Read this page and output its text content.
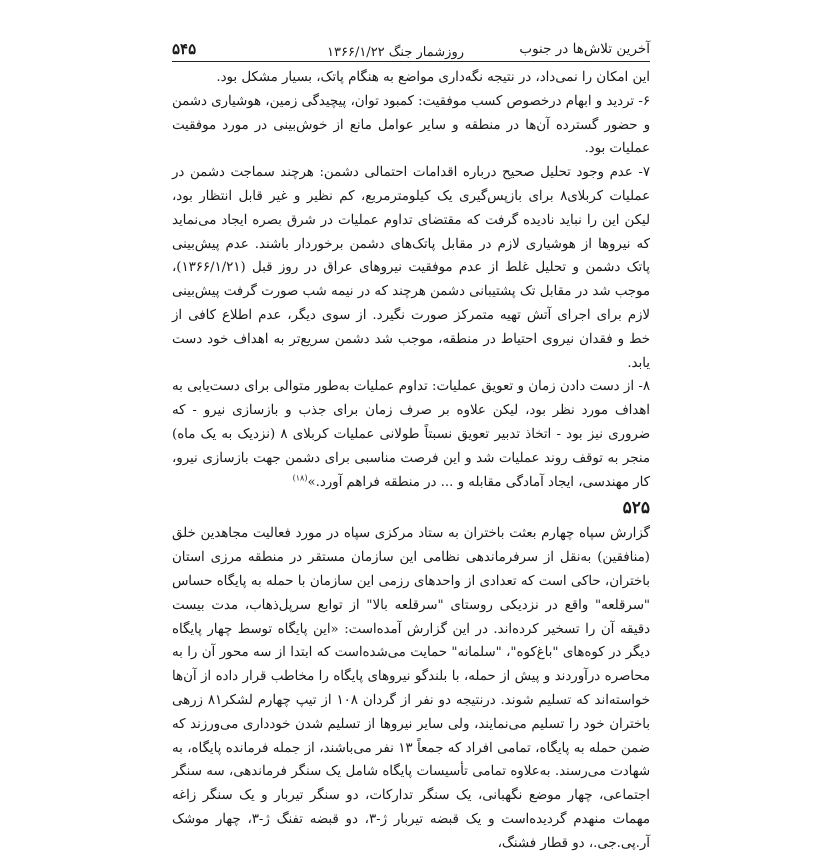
آخرین تلاش‌ها در جنوب
روزشمار جنگ ۱۳۶۶/۱/۲۲
۵۴۵

این امکان را نمی‌داد، در نتیجه نگه‌داری مواضع به هنگام پاتک، بسیار مشکل بود.

۶- تردید و ابهام درخصوص کسب موفقیت: کمبود توان، پیچیدگی زمین، هوشیاری دشمن و حضور گسترده آن‌ها در منطقه و سایر عوامل مانع از خوش‌بینی در مورد موفقیت عملیات بود.

۷- عدم وجود تحلیل صحیح درباره اقدامات احتمالی دشمن: هرچند سماجت دشمن در عملیات کربلای۸ برای بازپس‌گیری یک کیلومترمربع، کم نظیر و غیر قابل انتظار بود، لیکن این را نباید نادیده گرفت که مقتضای تداوم عملیات در شرق بصره ایجاد می‌نماید که نیروها از هوشیاری لازم در مقابل پاتک‌های دشمن برخوردار باشند. عدم پیش‌بینی پاتک دشمن و تحلیل غلط از عدم موفقیت نیروهای عراق در روز قبل (۱۳۶۶/۱/۲۱)، موجب شد در مقابل تک پشتیبانی دشمن هرچند که در نیمه شب صورت گرفت پیش‌بینی لازم برای اجرای آتش تهیه متمرکز صورت نگیرد. از سوی دیگر، عدم اطلاع کافی از خط و فقدان نیروی احتیاط در منطقه، موجب شد دشمن سریع‌تر به اهداف خود دست یابد.

۸- از دست دادن زمان و تعویق عملیات: تداوم عملیات به‌طور متوالی برای دست‌یابی به اهداف مورد نظر بود، لیکن علاوه بر صرف زمان برای جذب و بازسازی نیرو - که ضروری نیز بود - اتخاذ تدبیر تعویق نسبتاً طولانی عملیات کربلای ۸ (نزدیک به یک ماه) منجر به توقف روند عملیات شد و این فرصت مناسبی برای دشمن جهت بازسازی نیرو، کار مهندسی، ایجاد آمادگی مقابله و ... در منطقه فراهم آورد.»$^{(۱۸)}$

۵۲۵

گزارش سپاه چهارم بعثت باختران به ستاد مرکزی سپاه در مورد فعالیت مجاهدین خلق (منافقین) به‌نقل از سرفرماندهی نظامی این سازمان مستقر در منطقه مرزی استان باختران، حاکی است که تعدادی از واحدهای رزمی این سازمان با حمله به پایگاه حساس "سرقلعه" واقع در نزدیکی روستای "سرقلعه بالا" از توابع سرپل‌ذهاب، مدت بیست دقیقه آن را تسخیر کرده‌اند. در این گزارش آمده‌است: «این پایگاه توسط چهار پایگاه دیگر در کوه‌های "باغ‌کوه"، "سلمانه" حمایت می‌شده‌است که ابتدا از سه محور آن را به محاصره درآوردند و پیش از حمله، با بلندگو نیروهای پایگاه را مخاطب قرار داده از آن‌ها خواسته‌اند که تسلیم شوند. درنتیجه دو نفر از گردان ۱۰۸ از تیپ چهارم لشکر۸۱ زرهی باختران خود را تسلیم می‌نمایند، ولی سایر نیروها از تسلیم شدن خودداری می‌ورزند که ضمن حمله به پایگاه، تمامی افراد که جمعاً ۱۳ نفر می‌باشند، از جمله فرمانده پایگاه، به شهادت می‌رسند. به‌علاوه تمامی تأسیسات پایگاه شامل یک سنگر فرماندهی، سه سنگر اجتماعی، چهار موضع نگهبانی، یک سنگر تدارکات، دو سنگر تیربار و یک سنگر زاغه مهمات منهدم گردیده‌است و یک قبضه تیربار ژ-۳، دو قبضه تفنگ ژ-۳، چهار موشک آر.پی.جی.، دو قطار فشنگ،
